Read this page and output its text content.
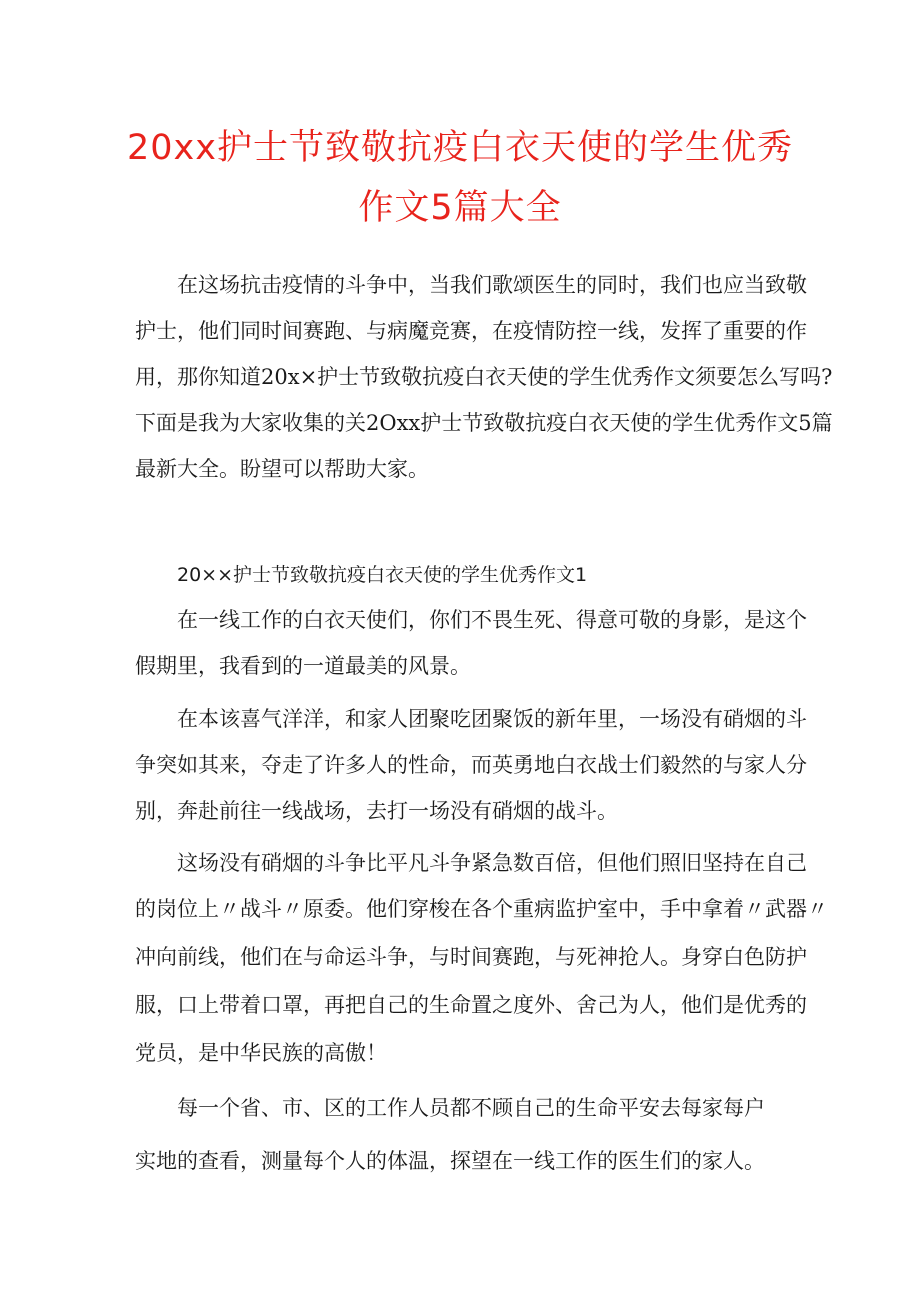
20xx护士节致敬抗疫白衣天使的学生优秀
作文5篇大全
在这场抗击疫情的斗争中，当我们歌颂医生的同时，我们也应当致敬
护士，他们同时间赛跑、与病魔竞赛，在疫情防控一线，发挥了重要的作
用，那你知道20x×护士节致敬抗疫白衣天使的学生优秀作文须要怎么写吗?
下面是我为大家收集的关2Oxx护士节致敬抗疫白衣天使的学生优秀作文5篇
最新大全。盼望可以帮助大家。
20××护士节致敬抗疫白衣天使的学生优秀作文1
在一线工作的白衣天使们，你们不畏生死、得意可敬的身影，是这个
假期里，我看到的一道最美的风景。
在本该喜气洋洋，和家人团聚吃团聚饭的新年里，一场没有硝烟的斗
争突如其来，夺走了许多人的性命，而英勇地白衣战士们毅然的与家人分
别，奔赴前往一线战场，去打一场没有硝烟的战斗。
这场没有硝烟的斗争比平凡斗争紧急数百倍，但他们照旧坚持在自己
的岗位上〃战斗〃原委。他们穿梭在各个重病监护室中，手中拿着〃武器〃
冲向前线，他们在与命运斗争，与时间赛跑，与死神抢人。身穿白色防护
服，口上带着口罩，再把自己的生命置之度外、舍己为人，他们是优秀的
党员，是中华民族的高傲！
每一个省、市、区的工作人员都不顾自己的生命平安去每家每户
实地的查看，测量每个人的体温，探望在一线工作的医生们的家人。
